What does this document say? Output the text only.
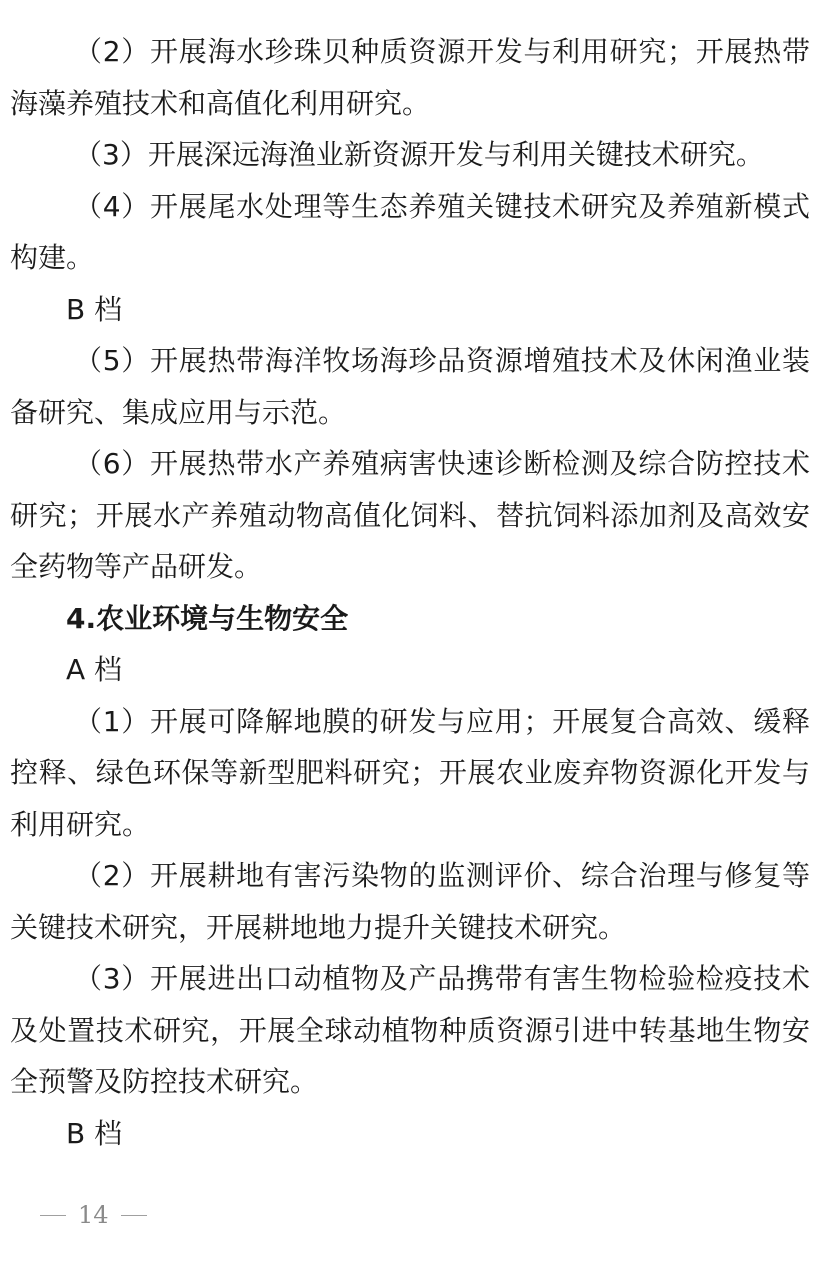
（2）开展海水珍珠贝种质资源开发与利用研究；开展热带海藻养殖技术和高值化利用研究。

（3）开展深远海渔业新资源开发与利用关键技术研究。

（4）开展尾水处理等生态养殖关键技术研究及养殖新模式构建。

B 档

（5）开展热带海洋牧场海珍品资源增殖技术及休闲渔业装备研究、集成应用与示范。

（6）开展热带水产养殖病害快速诊断检测及综合防控技术研究；开展水产养殖动物高值化饲料、替抗饲料添加剂及高效安全药物等产品研发。

4.农业环境与生物安全

A 档

（1）开展可降解地膜的研发与应用；开展复合高效、缓释控释、绿色环保等新型肥料研究；开展农业废弃物资源化开发与利用研究。

（2）开展耕地有害污染物的监测评价、综合治理与修复等关键技术研究，开展耕地地力提升关键技术研究。

（3）开展进出口动植物及产品携带有害生物检验检疫技术及处置技术研究，开展全球动植物种质资源引进中转基地生物安全预警及防控技术研究。

B 档

14
